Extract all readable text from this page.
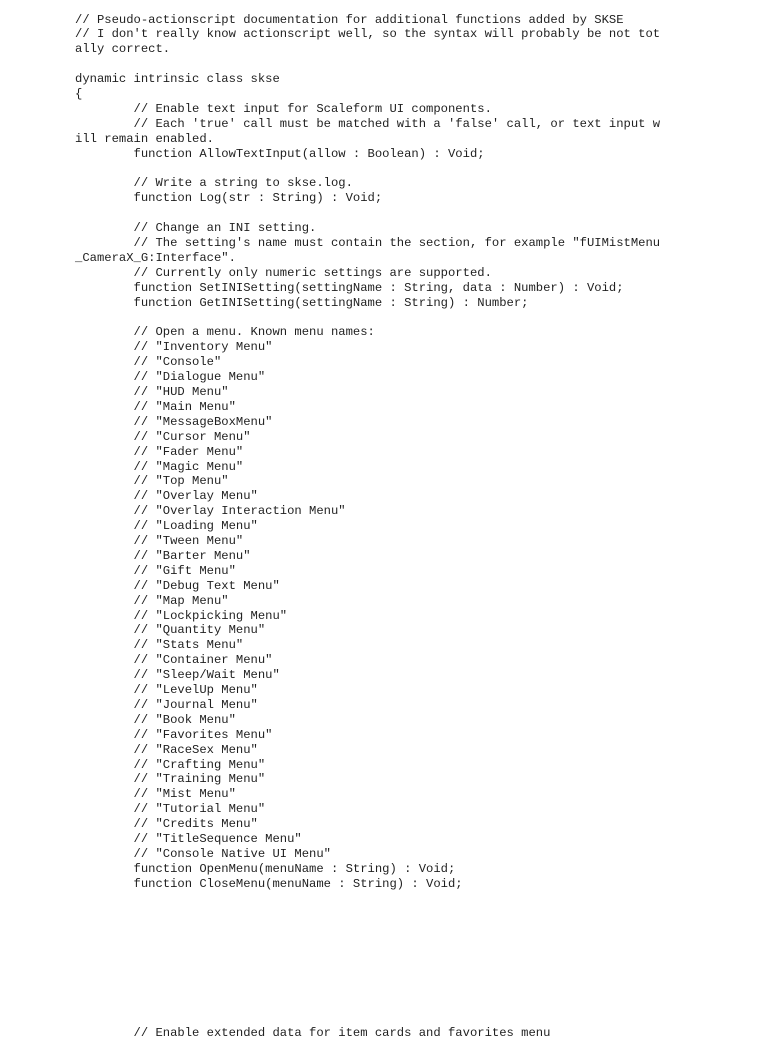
// Pseudo-actionscript documentation for additional functions added by SKSE
// I don't really know actionscript well, so the syntax will probably be not tot
ally correct.
dynamic intrinsic class skse
{
// Enable text input for Scaleform UI components.
// Each 'true' call must be matched with a 'false' call, or text input w
ill remain enabled.
function AllowTextInput(allow : Boolean) : Void;
// Write a string to skse.log.
function Log(str : String) : Void;
// Change an INI setting.
// The setting's name must contain the section, for example "fUIMistMenu
_CameraX_G:Interface".
// Currently only numeric settings are supported.
function SetINISetting(settingName : String, data : Number) : Void;
function GetINISetting(settingName : String) : Number;
// Open a menu. Known menu names:
// "Inventory Menu"
// "Console"
// "Dialogue Menu"
// "HUD Menu"
// "Main Menu"
// "MessageBoxMenu"
// "Cursor Menu"
// "Fader Menu"
// "Magic Menu"
// "Top Menu"
// "Overlay Menu"
// "Overlay Interaction Menu"
// "Loading Menu"
// "Tween Menu"
// "Barter Menu"
// "Gift Menu"
// "Debug Text Menu"
// "Map Menu"
// "Lockpicking Menu"
// "Quantity Menu"
// "Stats Menu"
// "Container Menu"
// "Sleep/Wait Menu"
// "LevelUp Menu"
// "Journal Menu"
// "Book Menu"
// "Favorites Menu"
// "RaceSex Menu"
// "Crafting Menu"
// "Training Menu"
// "Mist Menu"
// "Tutorial Menu"
// "Credits Menu"
// "TitleSequence Menu"
// "Console Native UI Menu"
function OpenMenu(menuName : String) : Void;
function CloseMenu(menuName : String) : Void;
// Enable extended data for item cards and favorites menu
